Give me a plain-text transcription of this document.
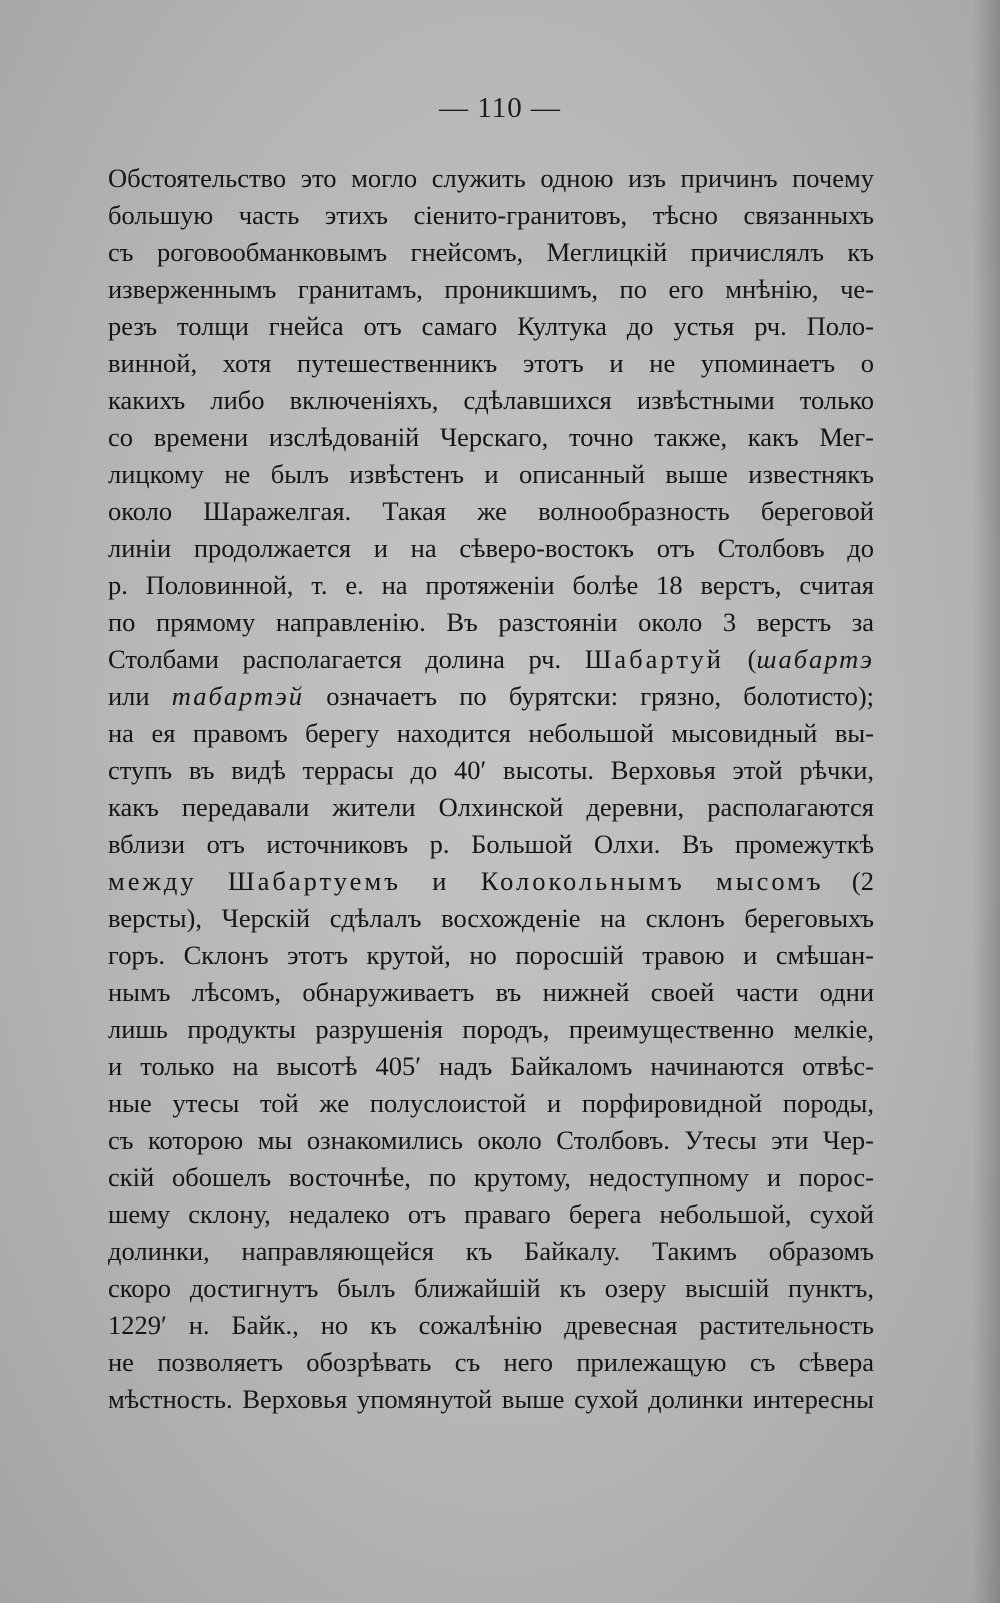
— 110 —
Обстоятельство это могло служить одною изъ причинъ почему
большую часть этихъ сіенито-гранитовъ, тѣсно связанныхъ
съ роговообманковымъ гнейсомъ, Меглицкій причислялъ къ
изверженнымъ гранитамъ, проникшимъ, по его мнѣнію, че-
резъ толщи гнейса отъ самаго Култука до устья рч. Поло-
винной, хотя путешественникъ этотъ и не упоминаетъ о
какихъ либо включеніяхъ, сдѣлавшихся извѣстными только
со времени изслѣдованій Черскаго, точно также, какъ Мег-
лицкому не былъ извѣстенъ и описанный выше известнякъ
около Шаражелгая. Такая же волнообразность береговой
линіи продолжается и на сѣверо-востокъ отъ Столбовъ до
р. Половинной, т. е. на протяженіи болѣе 18 верстъ, считая
по прямому направленію. Въ разстояніи около 3 верстъ за
Столбами располагается долина рч. Шабартуй (шабартэ
или табартэй означаетъ по бурятски: грязно, болотисто);
на ея правомъ берегу находится небольшой мысовидный вы-
ступъ въ видѣ террасы до 40′ высоты. Верховья этой рѣчки,
какъ передавали жители Олхинской деревни, располагаются
вблизи отъ источниковъ р. Большой Олхи. Въ промежуткѣ
между Шабартуемъ и Колокольнымъ мысомъ (2
версты), Черскій сдѣлалъ восхожденіе на склонъ береговыхъ
горъ. Склонъ этотъ крутой, но поросшій травою и смѣшан-
нымъ лѣсомъ, обнаруживаетъ въ нижней своей части одни
лишь продукты разрушенія породъ, преимущественно мелкіе,
и только на высотѣ 405′ надъ Байкаломъ начинаются отвѣс-
ные утесы той же полуслоистой и порфировидной породы,
съ которою мы ознакомились около Столбовъ. Утесы эти Чер-
скій обошелъ восточнѣе, по крутому, недоступному и порос-
шему склону, недалеко отъ праваго берега небольшой, сухой
долинки, направляющейся къ Байкалу. Такимъ образомъ
скоро достигнутъ былъ ближайшій къ озеру высшій пунктъ,
1229′ н. Байк., но къ сожалѣнію древесная растительность
не позволяетъ обозрѣвать съ него прилежащую съ сѣвера
мѣстность. Верховья упомянутой выше сухой долинки интересны
